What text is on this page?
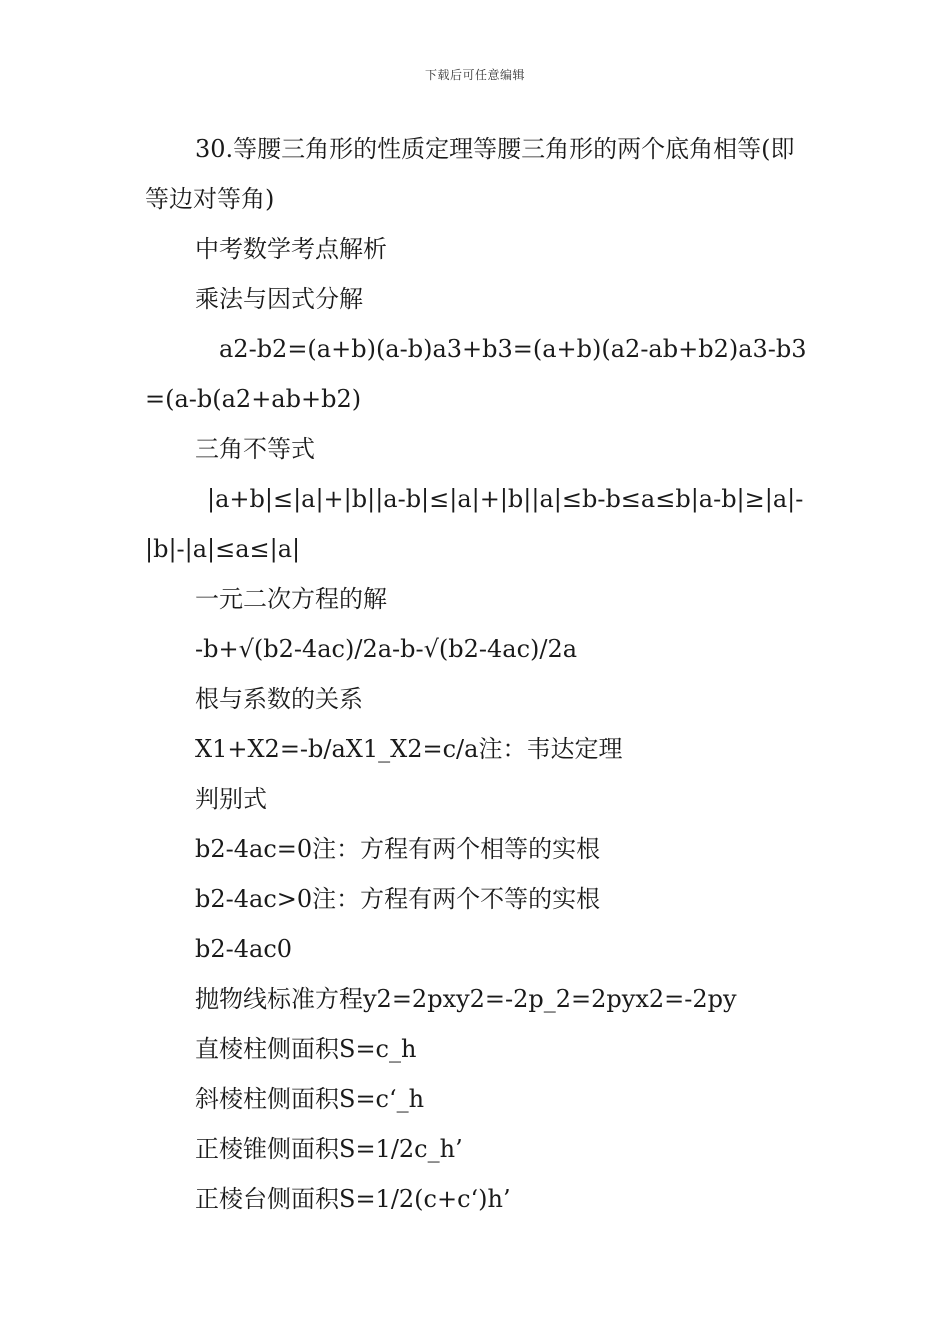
下载后可任意编辑

30.等腰三角形的性质定理等腰三角形的两个底角相等(即等边对等角)

中考数学考点解析

乘法与因式分解

a2-b2=(a+b)(a-b)a3+b3=(a+b)(a2-ab+b2)a3-b3=(a-b(a2+ab+b2)

三角不等式

|a+b|≤|a|+|b||a-b|≤|a|+|b||a|≤b-b≤a≤b|a-b|≥|a|-|b|-|a|≤a≤|a|

一元二次方程的解

-b+√(b2-4ac)/2a-b-√(b2-4ac)/2a

根与系数的关系

X1+X2=-b/aX1_X2=c/a注：韦达定理

判别式

b2-4ac=0注：方程有两个相等的实根

b2-4ac>0注：方程有两个不等的实根

b2-4ac0

抛物线标准方程y2=2pxy2=-2p_2=2pyx2=-2py

直棱柱侧面积S=c_h

斜棱柱侧面积S=c‘_h

正棱锥侧面积S=1/2c_h’

正棱台侧面积S=1/2(c+c‘)h’
